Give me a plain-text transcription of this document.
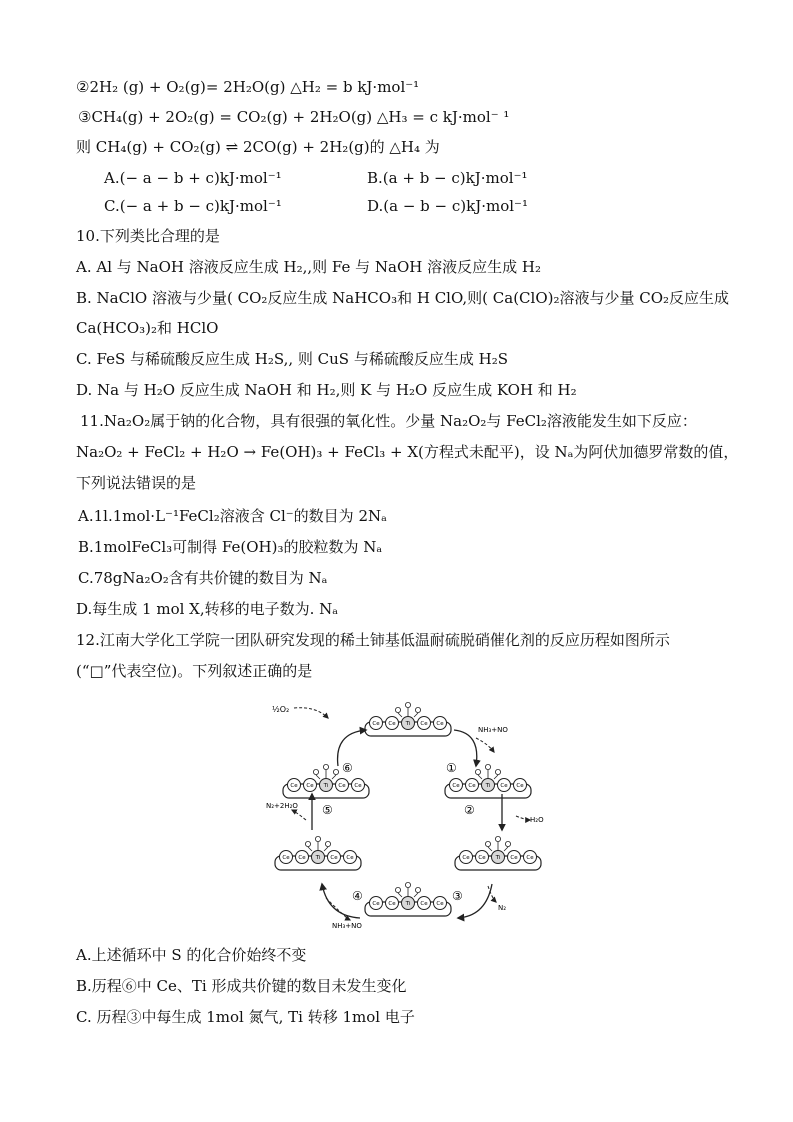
②2H₂ (g) + O₂(g)= 2H₂O(g) △H₂ = b kJ·mol⁻¹
③CH₄(g) + 2O₂(g) = CO₂(g) + 2H₂O(g) △H₃ = c kJ·mol⁻ ¹
则 CH₄(g) + CO₂(g) ⇌ 2CO(g) + 2H₂(g)的 △H₄ 为
A.(− a − b + c)kJ·mol⁻¹	B.(a + b − c)kJ·mol⁻¹
C.(− a + b − c)kJ·mol⁻¹	D.(a − b − c)kJ·mol⁻¹
10.下列类比合理的是
A. Al 与 NaOH 溶液反应生成 H₂,,则 Fe 与 NaOH 溶液反应生成 H₂
B. NaClO 溶液与少量( CO₂反应生成 NaHCO₃和 H ClO,则( Ca(ClO)₂溶液与少量 CO₂反应生成
Ca(HCO₃)₂和 HClO
C. FeS 与稀硫酸反应生成 H₂S,, 则 CuS 与稀硫酸反应生成 H₂S
D. Na 与 H₂O 反应生成 NaOH 和 H₂,则 K 与 H₂O 反应生成 KOH 和 H₂
11.Na₂O₂属于钠的化合物，具有很强的氧化性。少量 Na₂O₂与 FeCl₂溶液能发生如下反应：
Na₂O₂ + FeCl₂ + H₂O → Fe(OH)₃ + FeCl₃ + X(方程式未配平)，设 Nₐ为阿伏加德罗常数的值，
下列说法错误的是
A.1l.1mol·L⁻¹FeCl₂溶液含 Cl⁻的数目为 2Nₐ
B.1molFeCl₃可制得 Fe(OH)₃的胶粒数为 Nₐ
C.78gNa₂O₂含有共价键的数目为 Nₐ
D.每生成 1 mol X,转移的电子数为. Nₐ
12.江南大学化工学院一团队研究发现的稀土铈基低温耐硫脱硝催化剂的反应历程如图所示
(“□”代表空位)。下列叙述正确的是
Ce Ce Ti Ce Ce
Ce Ce Ti Ce Ce
Ce Ce Ti Ce Ce
Ce Ce Ti Ce Ce
Ce Ce Ti Ce Ce
Ce Ce Ti Ce Ce
①
②
③
④
⑤
⑥
½O₂
NH₃+NO
H₂O
N₂
NH₃+NO
N₂+2H₂O
A.上述循环中 S 的化合价始终不变
B.历程⑥中 Ce、Ti 形成共价键的数目未发生变化
C. 历程③中每生成 1mol 氮气, Ti 转移 1mol 电子
